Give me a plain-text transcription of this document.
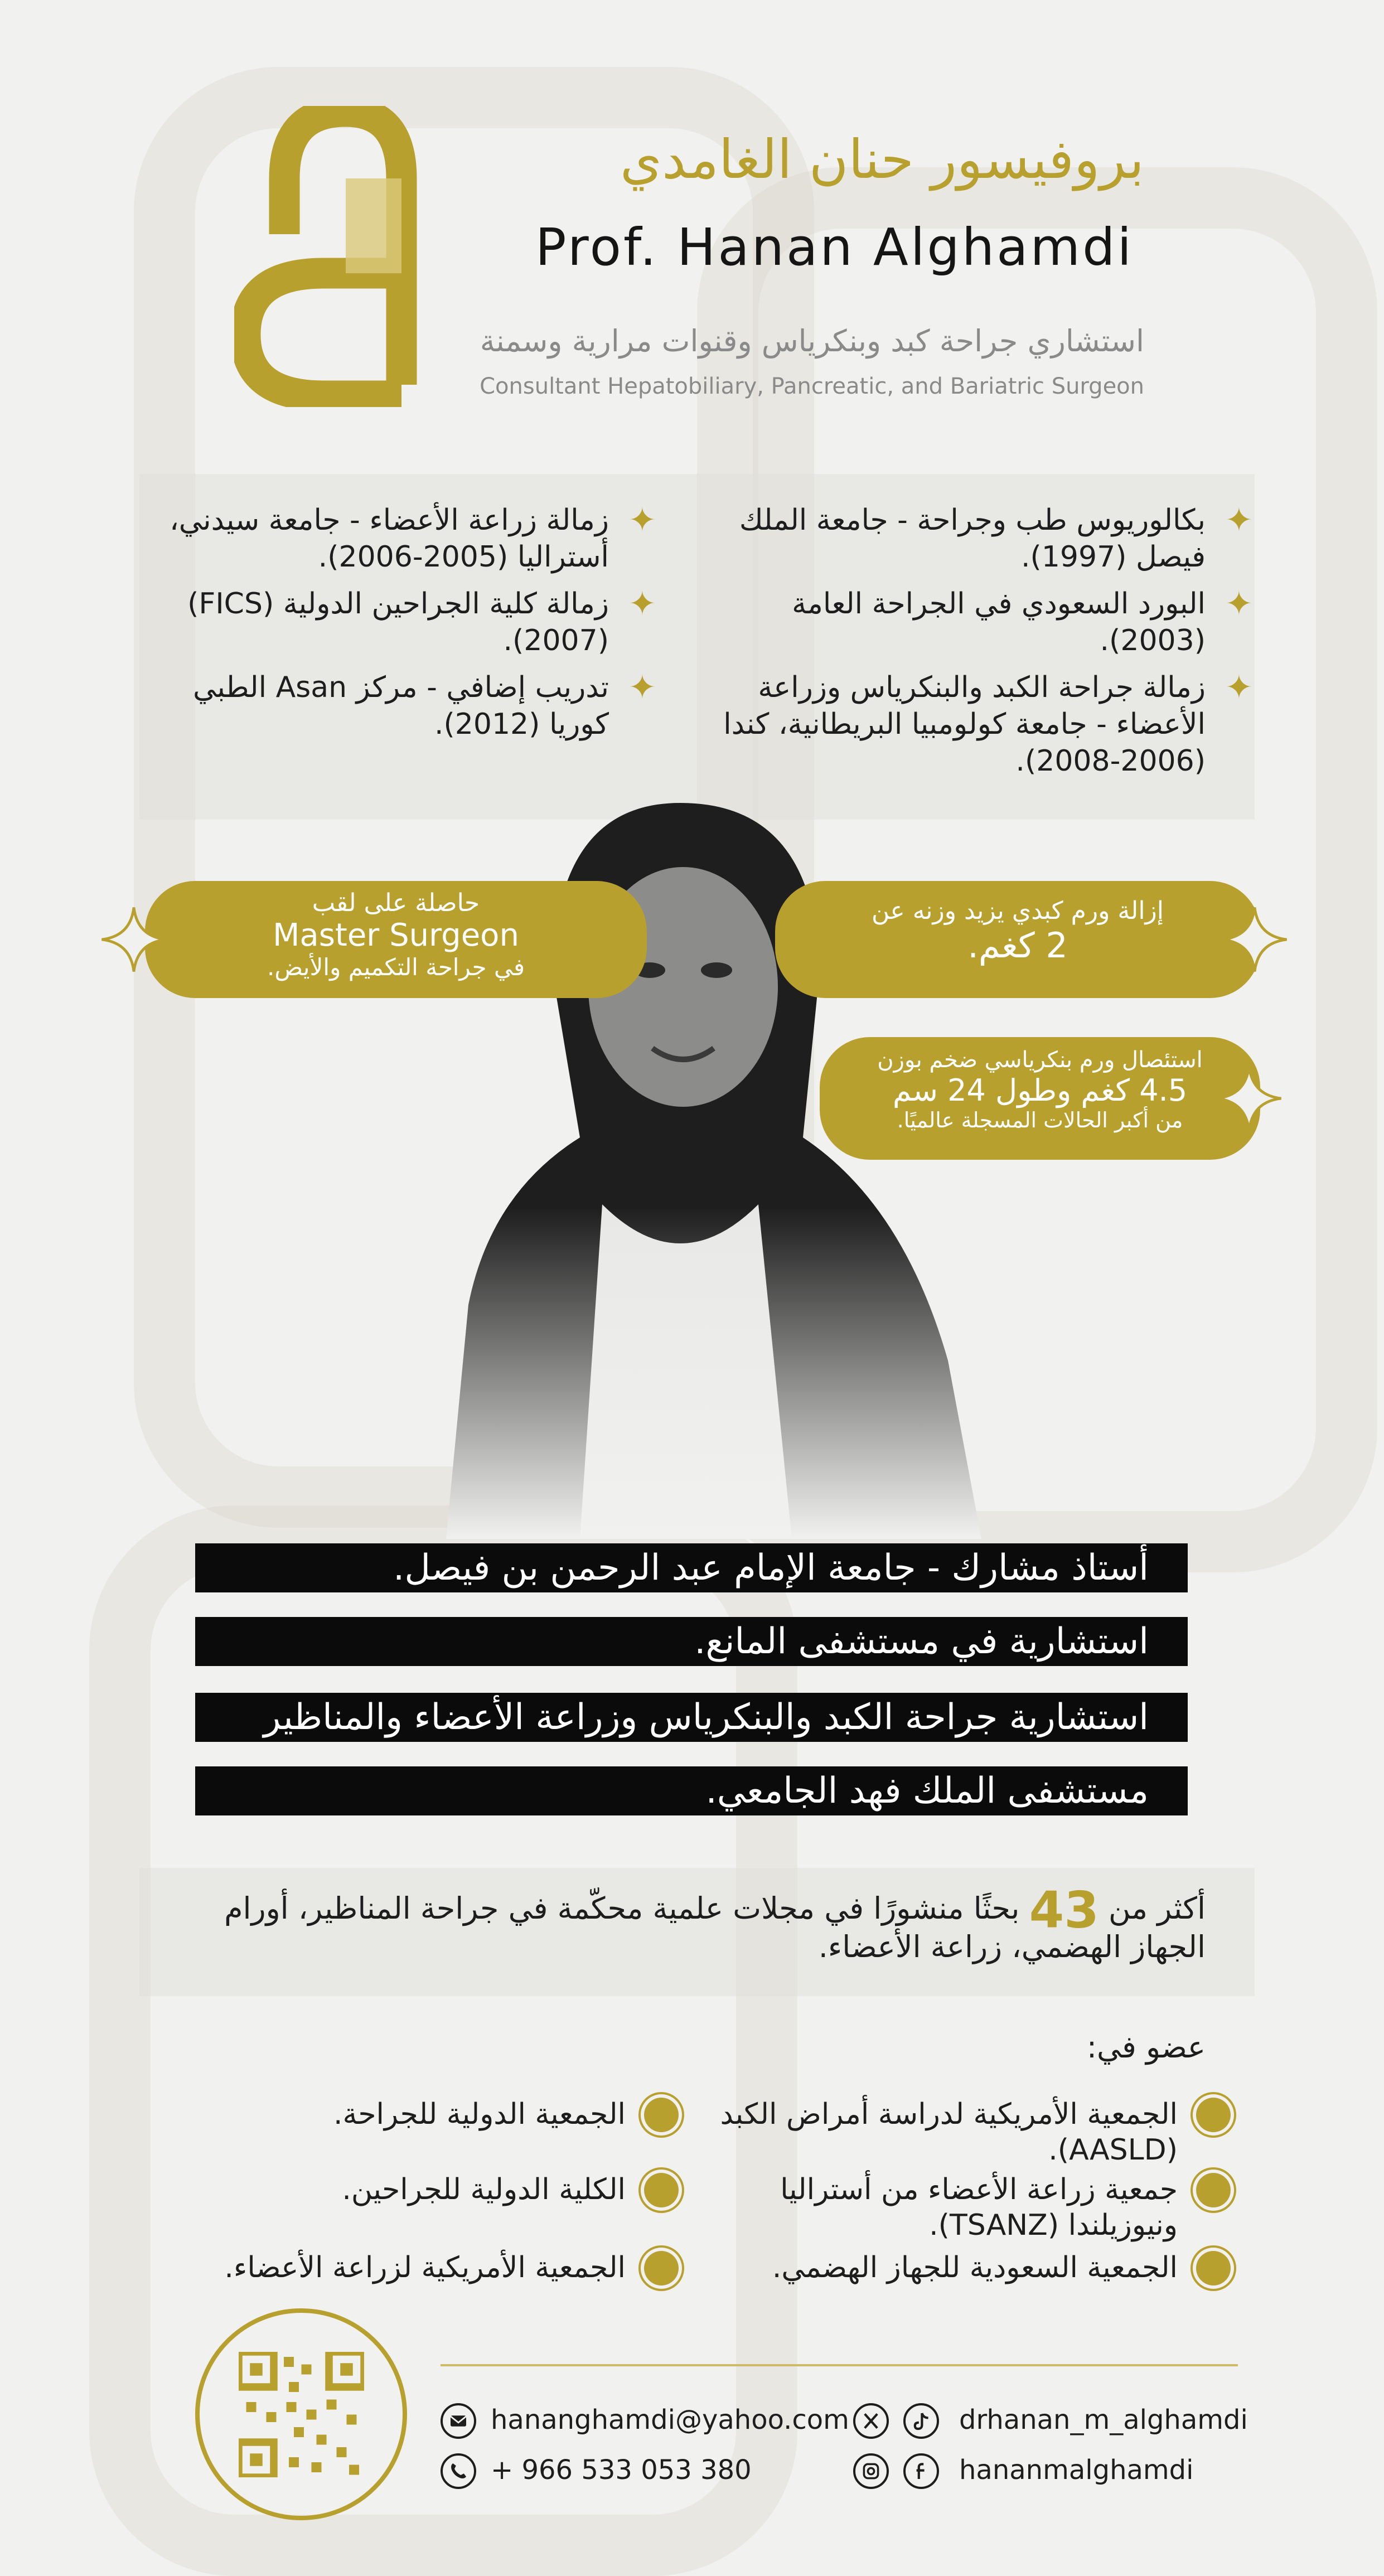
بروفيسور حنان الغامدي
Prof. Hanan Alghamdi
استشاري جراحة كبد وبنكرياس وقنوات مرارية وسمنة
Consultant Hepatobiliary, Pancreatic, and Bariatric Surgeon
✦
بكالوريوس طب وجراحة - جامعة الملك فيصل (1997).
✦
البورد السعودي في الجراحة العامة (2003).
✦
زمالة جراحة الكبد والبنكرياس وزراعة الأعضاء - جامعة كولومبيا البريطانية، كندا (2006-2008).
✦
زمالة زراعة الأعضاء - جامعة سيدني، أستراليا (2005-2006).
✦
زمالة كلية الجراحين الدولية (FICS) (2007).
✦
تدريب إضافي - مركز Asan الطبي كوريا (2012).
حاصلة على لقب
Master Surgeon
في جراحة التكميم والأيض.
إزالة ورم كبدي يزيد وزنه عن
2 كغم.
استئصال ورم بنكرياسي ضخم بوزن
4.5 كغم وطول 24 سم
من أكبر الحالات المسجلة عالميًا.
أستاذ مشارك - جامعة الإمام عبد الرحمن بن فيصل.
استشارية في مستشفى المانع.
استشارية جراحة الكبد والبنكرياس وزراعة الأعضاء والمناظير
مستشفى الملك فهد الجامعي.
أكثر من 43 بحثًا منشورًا في مجلات علمية محكّمة في جراحة المناظير، أورام الجهاز الهضمي، زراعة الأعضاء.
عضو في:
الجمعية الأمريكية لدراسة أمراض الكبد (AASLD).
جمعية زراعة الأعضاء من أستراليا ونيوزيلندا (TSANZ).
الجمعية السعودية للجهاز الهضمي.
الجمعية الدولية للجراحة.
الكلية الدولية للجراحين.
الجمعية الأمريكية لزراعة الأعضاء.
hananghamdi@yahoo.com
+ 966 533 053 380
drhanan_m_alghamdi
hananmalghamdi
